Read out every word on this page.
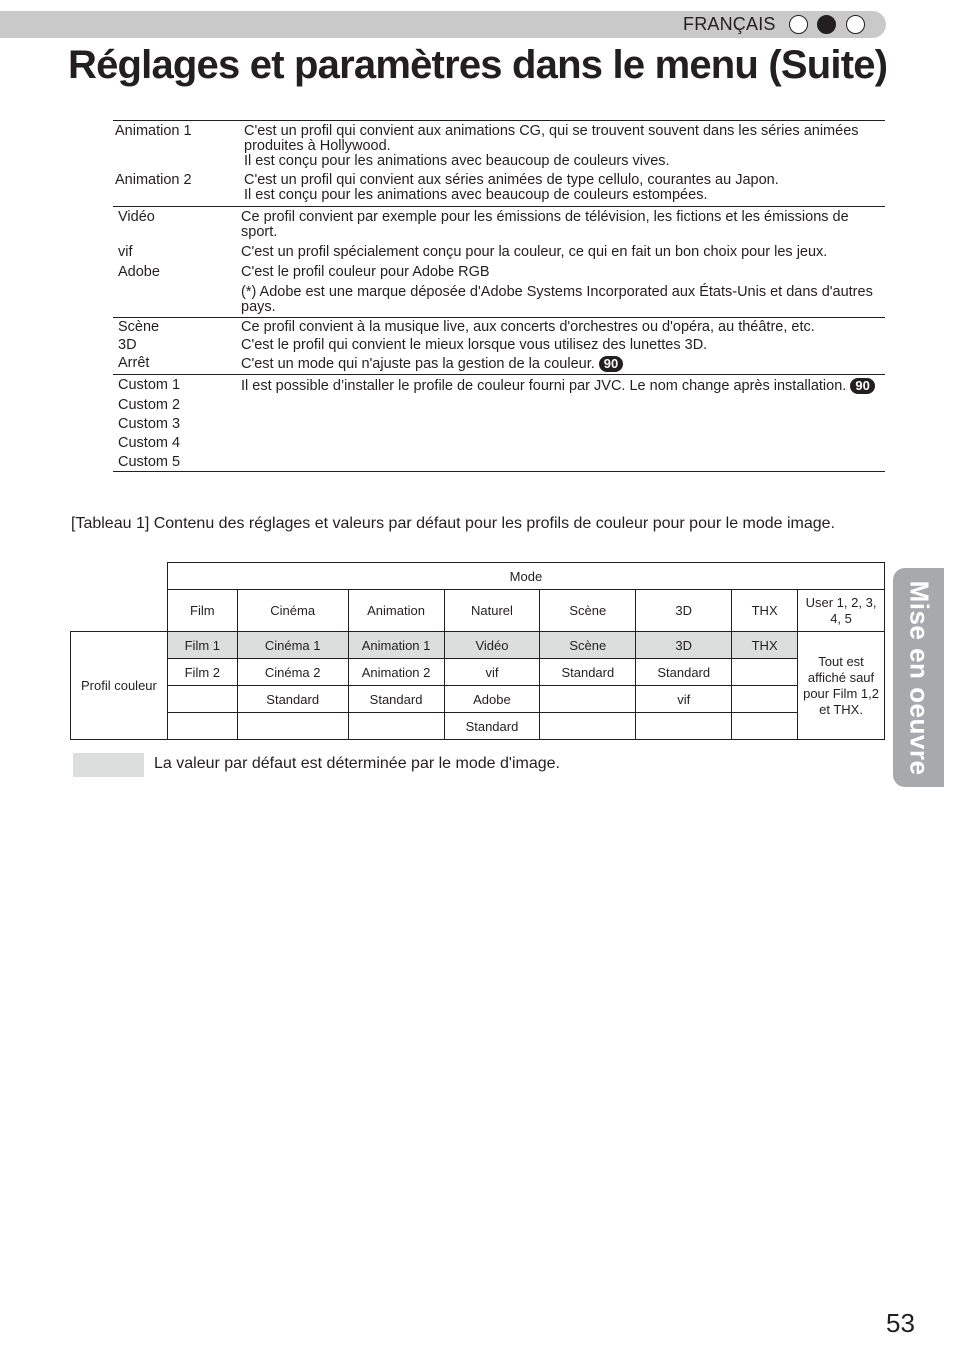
FRANÇAIS
Réglages et paramètres dans le menu (Suite)
Animation 1	C'est un profil qui convient aux animations CG, qui se trouvent souvent dans les séries animées produites à Hollywood.

Il est conçu pour les animations avec beaucoup de couleurs vives.

Animation 2	C'est un profil qui convient aux séries animées de type cellulo, courantes au Japon.

Il est conçu pour les animations avec beaucoup de couleurs estompées.

Vidéo	Ce profil convient par exemple pour les émissions de télévision, les fictions et les émissions de sport.

vif	C'est un profil spécialement conçu pour la couleur, ce qui en fait un bon choix pour les jeux.

Adobe	C'est le profil couleur pour Adobe RGB

(*) Adobe est une marque déposée d'Adobe Systems Incorporated aux États-Unis et dans d'autres pays.

Scène	Ce profil convient à la musique live, aux concerts d'orchestres ou d'opéra, au théâtre, etc.

3D	C'est le profil qui convient le mieux lorsque vous utilisez des lunettes 3D.

Arrêt	C'est un mode qui n'ajuste pas la gestion de la couleur. 90

Custom 1	Il est possible d’installer le profile de couleur fourni par JVC. Le nom change après installation. 90

Custom 2
Custom 3
Custom 4
Custom 5
[Tableau 1] Contenu des réglages et valeurs par défaut pour les profils de couleur pour pour le mode image.
	Mode							
	Film	Cinéma	Animation	Naturel	Scène	3D	THX	User 1, 2, 3, 4, 5
Profil couleur	Film 1	Cinéma 1	Animation 1	Vidéo	Scène	3D	THX	Tout est affiché sauf pour Film 1,2 et THX.
	Film 2	Cinéma 2	Animation 2	vif	Standard	Standard		
		Standard	Standard	Adobe		vif		
				Standard				
La valeur par défaut est déterminée par le mode d'image.	Mise en oeuvre
53
